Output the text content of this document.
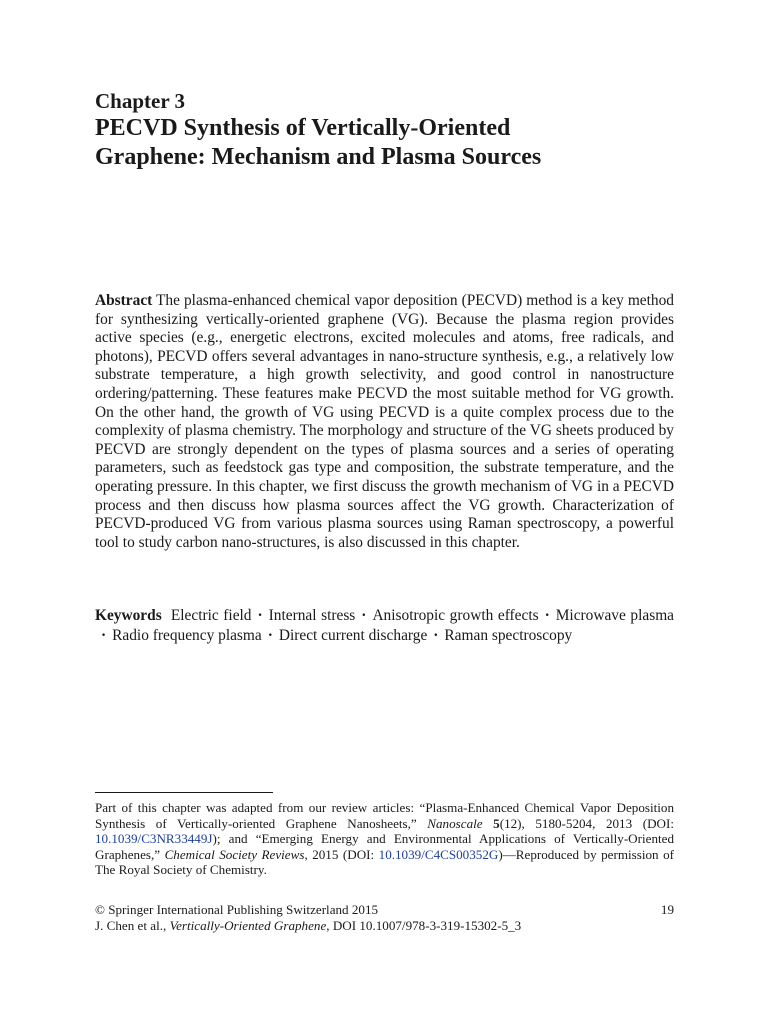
Chapter 3
PECVD Synthesis of Vertically-Oriented
Graphene: Mechanism and Plasma Sources
Abstract The plasma-enhanced chemical vapor deposition (PECVD) method is a key method for synthesizing vertically-oriented graphene (VG). Because the plasma region provides active species (e.g., energetic electrons, excited molecules and atoms, free radicals, and photons), PECVD offers several advantages in nano-structure synthesis, e.g., a relatively low substrate temperature, a high growth selectivity, and good control in nanostructure ordering/patterning. These features make PECVD the most suitable method for VG growth. On the other hand, the growth of VG using PECVD is a quite complex process due to the complexity of plasma chemistry. The morphology and structure of the VG sheets produced by PECVD are strongly dependent on the types of plasma sources and a series of operating parameters, such as feedstock gas type and composition, the substrate temperature, and the operating pressure. In this chapter, we first discuss the growth mechanism of VG in a PECVD process and then discuss how plasma sources affect the VG growth. Characterization of PECVD-produced VG from various plasma sources using Raman spectroscopy, a powerful tool to study carbon nano-structures, is also discussed in this chapter.
Keywords Electric field · Internal stress · Anisotropic growth effects · Microwave plasma· Radio frequency plasma · Direct current discharge · Raman spectroscopy
Part of this chapter was adapted from our review articles: “Plasma-Enhanced Chemical Vapor Deposition Synthesis of Vertically-oriented Graphene Nanosheets,” Nanoscale 5(12), 5180-5204, 2013 (DOI: 10.1039/C3NR33449J); and “Emerging Energy and Environmental Applications of Vertically-Oriented Graphenes,” Chemical Society Reviews, 2015 (DOI: 10.1039/C4CS00352G)—Reproduced by permission of The Royal Society of Chemistry.
© Springer International Publishing Switzerland 2015	19
J. Chen et al., Vertically-Oriented Graphene, DOI 10.1007/978-3-319-15302-5_3
